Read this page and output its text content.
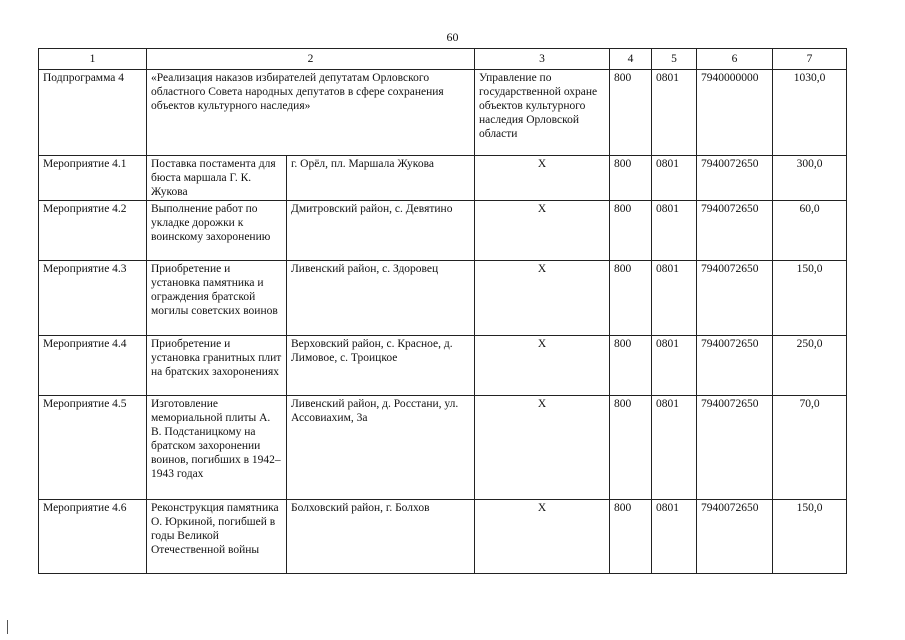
60
1	2		3	4	5	6	7
Подпрограмма 4	«Реализация наказов избирателей депутатам Орловского областного Совета народных депутатов в сфере сохранения объектов культурного наследия»		Управление по государственной охране объектов культурного наследия Орловской области	800	0801	7940000000	1030,0
Мероприятие 4.1	Поставка постамента для бюста маршала Г. К. Жукова	г. Орёл, пл. Маршала Жукова	X	800	0801	7940072650	300,0
Мероприятие 4.2	Выполнение работ по укладке дорожки к воинскому захоронению	Дмитровский район, с. Девятино	X	800	0801	7940072650	60,0
Мероприятие 4.3	Приобретение и установка памятника и ограждения братской могилы советских воинов	Ливенский район, с. Здоровец	X	800	0801	7940072650	150,0
Мероприятие 4.4	Приобретение и установка гранитных плит на братских захоронениях	Верховский район, с. Красное, д. Лимовое, с. Троицкое	X	800	0801	7940072650	250,0
Мероприятие 4.5	Изготовление мемориальной плиты А. В. Подстаницкому на братском захоронении воинов, погибших в 1942–1943 годах	Ливенский район, д. Росстани, ул. Ассовиахим, 3а	X	800	0801	7940072650	70,0
Мероприятие 4.6	Реконструкция памятника О. Юркиной, погибшей в годы Великой Отечественной войны	Болховский район, г. Болхов	X	800	0801	7940072650	150,0
